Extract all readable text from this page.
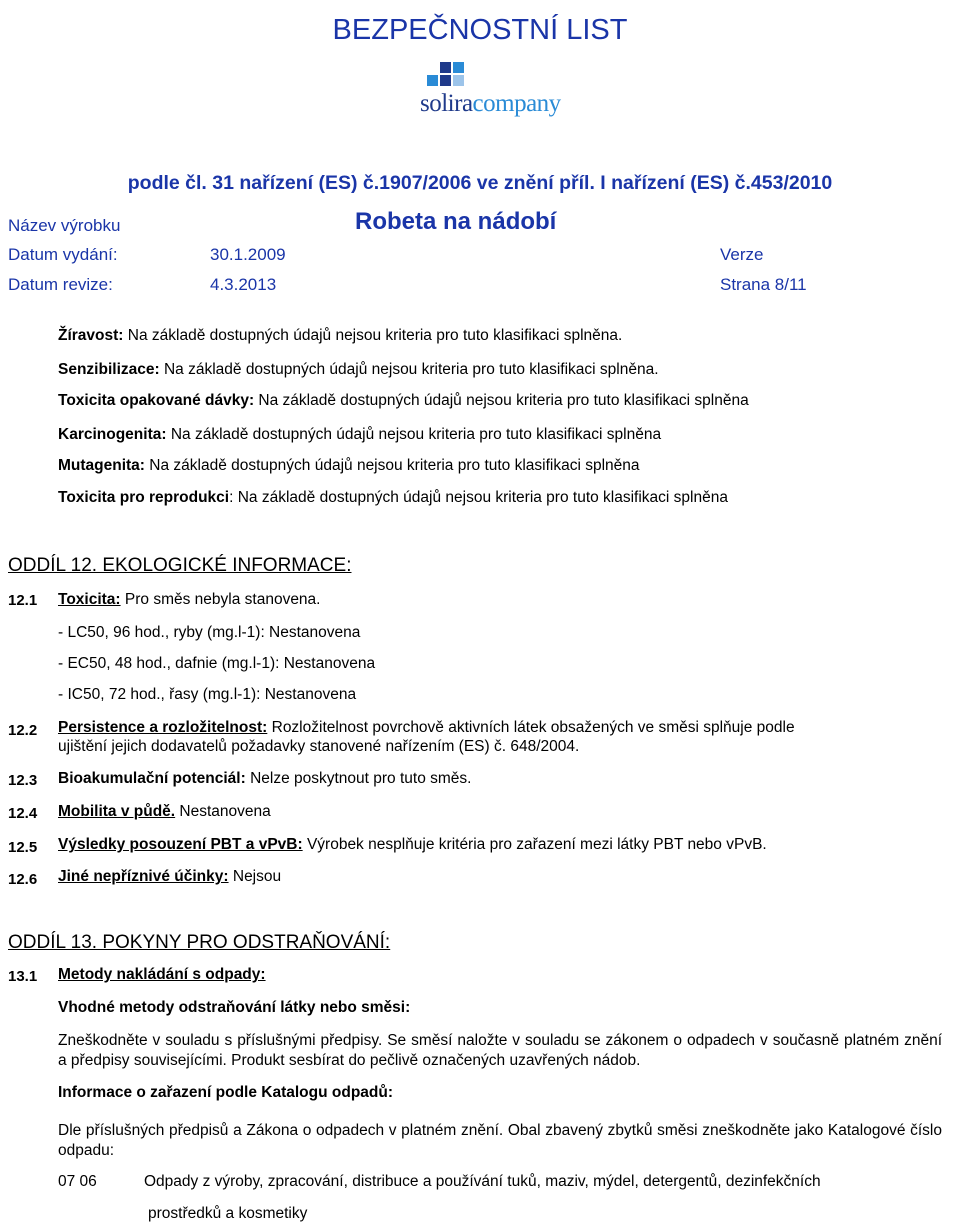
BEZPEČNOSTNÍ LIST
soliracompany
podle čl. 31 nařízení (ES) č.1907/2006 ve znění příl. I nařízení (ES) č.453/2010
Název výrobku	Robeta na nádobí
Datum vydání:	30.1.2009	Verze
Datum revize:	4.3.2013	Strana 8/11
Žíravost: Na základě dostupných údajů nejsou kriteria pro tuto klasifikaci splněna.
Senzibilizace: Na základě dostupných údajů nejsou kriteria pro tuto klasifikaci splněna.
Toxicita opakované dávky: Na základě dostupných údajů nejsou kriteria pro tuto klasifikaci splněna
Karcinogenita: Na základě dostupných údajů nejsou kriteria pro tuto klasifikaci splněna
Mutagenita: Na základě dostupných údajů nejsou kriteria pro tuto klasifikaci splněna
Toxicita pro reprodukci: Na základě dostupných údajů nejsou kriteria pro tuto klasifikaci splněna
ODDÍL 12. EKOLOGICKÉ INFORMACE:
12.1 Toxicita: Pro směs nebyla stanovena.
- LC50, 96 hod., ryby (mg.l-1): Nestanovena
- EC50, 48 hod., dafnie (mg.l-1): Nestanovena
- IC50, 72 hod., řasy (mg.l-1): Nestanovena
12.2 Persistence a rozložitelnost: Rozložitelnost povrchově aktivních látek obsažených ve směsi splňuje podle
ujištění jejich dodavatelů požadavky stanovené nařízením (ES) č. 648/2004.
12.3 Bioakumulační potenciál: Nelze poskytnout pro tuto směs.
12.4 Mobilita v půdě. Nestanovena
12.5 Výsledky posouzení PBT a vPvB: Výrobek nesplňuje kritéria pro zařazení mezi látky PBT nebo vPvB.
12.6 Jiné nepříznivé účinky: Nejsou
ODDÍL 13. POKYNY PRO ODSTRAŇOVÁNÍ:
13.1 Metody nakládání s odpady:
Vhodné metody odstraňování látky nebo směsi:
Zneškodněte v souladu s příslušnými předpisy. Se směsí naložte v souladu se zákonem o odpadech v současně platném znění a předpisy souvisejícími. Produkt sesbírat do pečlivě označených uzavřených nádob.
Informace o zařazení podle Katalogu odpadů:
Dle příslušných předpisů a Zákona o odpadech v platném znění. Obal zbavený zbytků směsi zneškodněte jako Katalogové číslo odpadu:
07 06	Odpady z výroby, zpracování, distribuce a používání tuků, maziv, mýdel, detergentů, dezinfekčních
prostředků a kosmetiky
